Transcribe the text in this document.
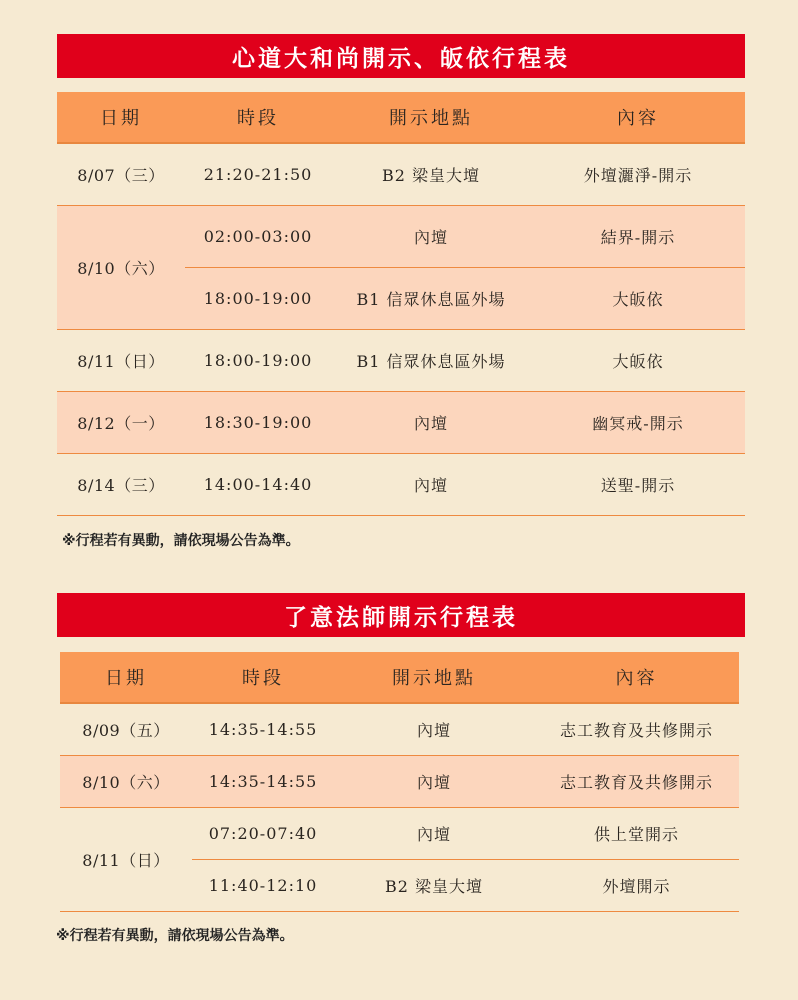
心道大和尚開示、皈依行程表
日期	時段	開示地點	內容
8/07（三）	21:20-21:50	B2 梁皇大壇	外壇灑淨-開示
8/10（六）	02:00-03:00	內壇	結界-開示
	18:00-19:00	B1 信眾休息區外場	大皈依
8/11（日）	18:00-19:00	B1 信眾休息區外場	大皈依
8/12（一）	18:30-19:00	內壇	幽冥戒-開示
8/14（三）	14:00-14:40	內壇	送聖-開示
※行程若有異動，請依現場公告為準。
了意法師開示行程表
日期	時段	開示地點	內容
8/09（五）	14:35-14:55	內壇	志工教育及共修開示
8/10（六）	14:35-14:55	內壇	志工教育及共修開示
8/11（日）	07:20-07:40	內壇	供上堂開示
	11:40-12:10	B2 梁皇大壇	外壇開示
※行程若有異動，請依現場公告為準。
